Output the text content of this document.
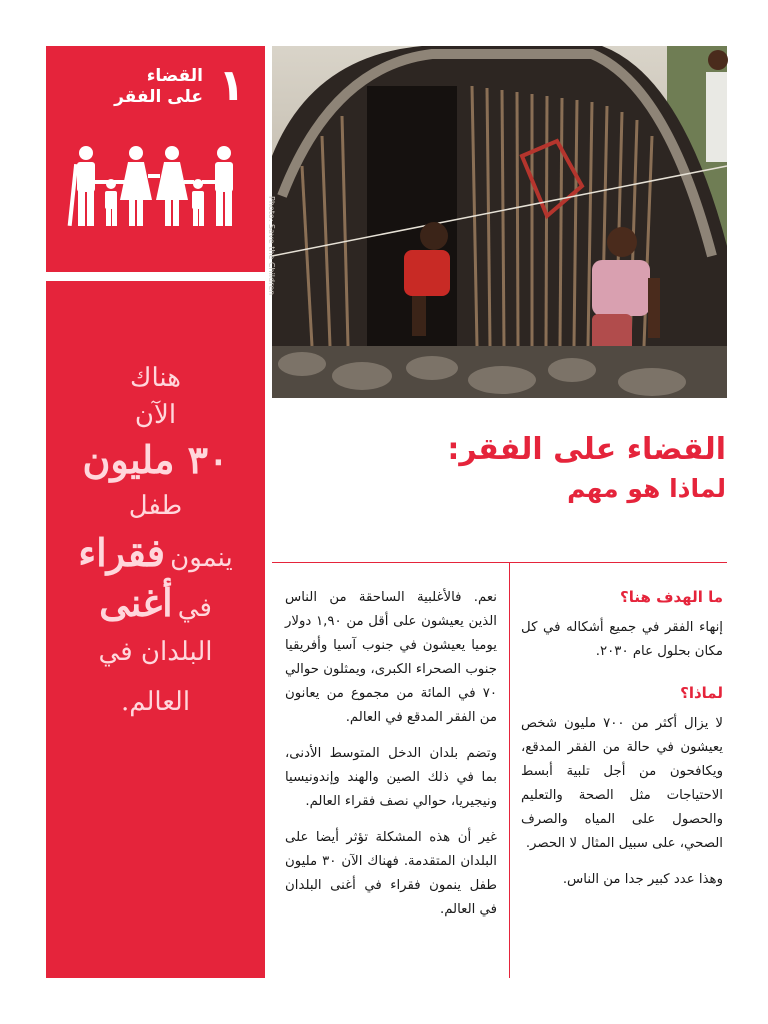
١
القضاء
على الفقر
هناك
الآن
٣٠ مليون
طفل
ينمون فقراء
في أغنى
البلدان في
العالم.
Photo: Save the Children
القضاء على الفقر:
لماذا هو مهم
ما الهدف هنا؟

إنهاء الفقر في جميع أشكاله في كل مكان بحلول عام ٢٠٣٠.

لماذا؟

لا يزال أكثر من ٧٠٠ مليون شخص يعيشون في حالة من الفقر المدقع، ويكافحون من أجل تلبية أبسط الاحتياجات مثل الصحة والتعليم والحصول على المياه والصرف الصحي، على سبيل المثال لا الحصر.

وهذا عدد كبير جدا من الناس.

نعم. فالأغلبية الساحقة من الناس الذين يعيشون على أقل من ١,٩٠ دولار يوميا يعيشون في جنوب آسيا وأفريقيا جنوب الصحراء الكبرى، ويمثلون حوالي ٧٠ في المائة من مجموع من يعانون من الفقر المدقع في العالم.

وتضم بلدان الدخل المتوسط الأدنى، بما في ذلك الصين والهند وإندونيسيا ونيجيريا، حوالي نصف فقراء العالم.

غير أن هذه المشكلة تؤثر أيضا على البلدان المتقدمة. فهناك الآن ٣٠ مليون طفل ينمون فقراء في أغنى البلدان في العالم.
